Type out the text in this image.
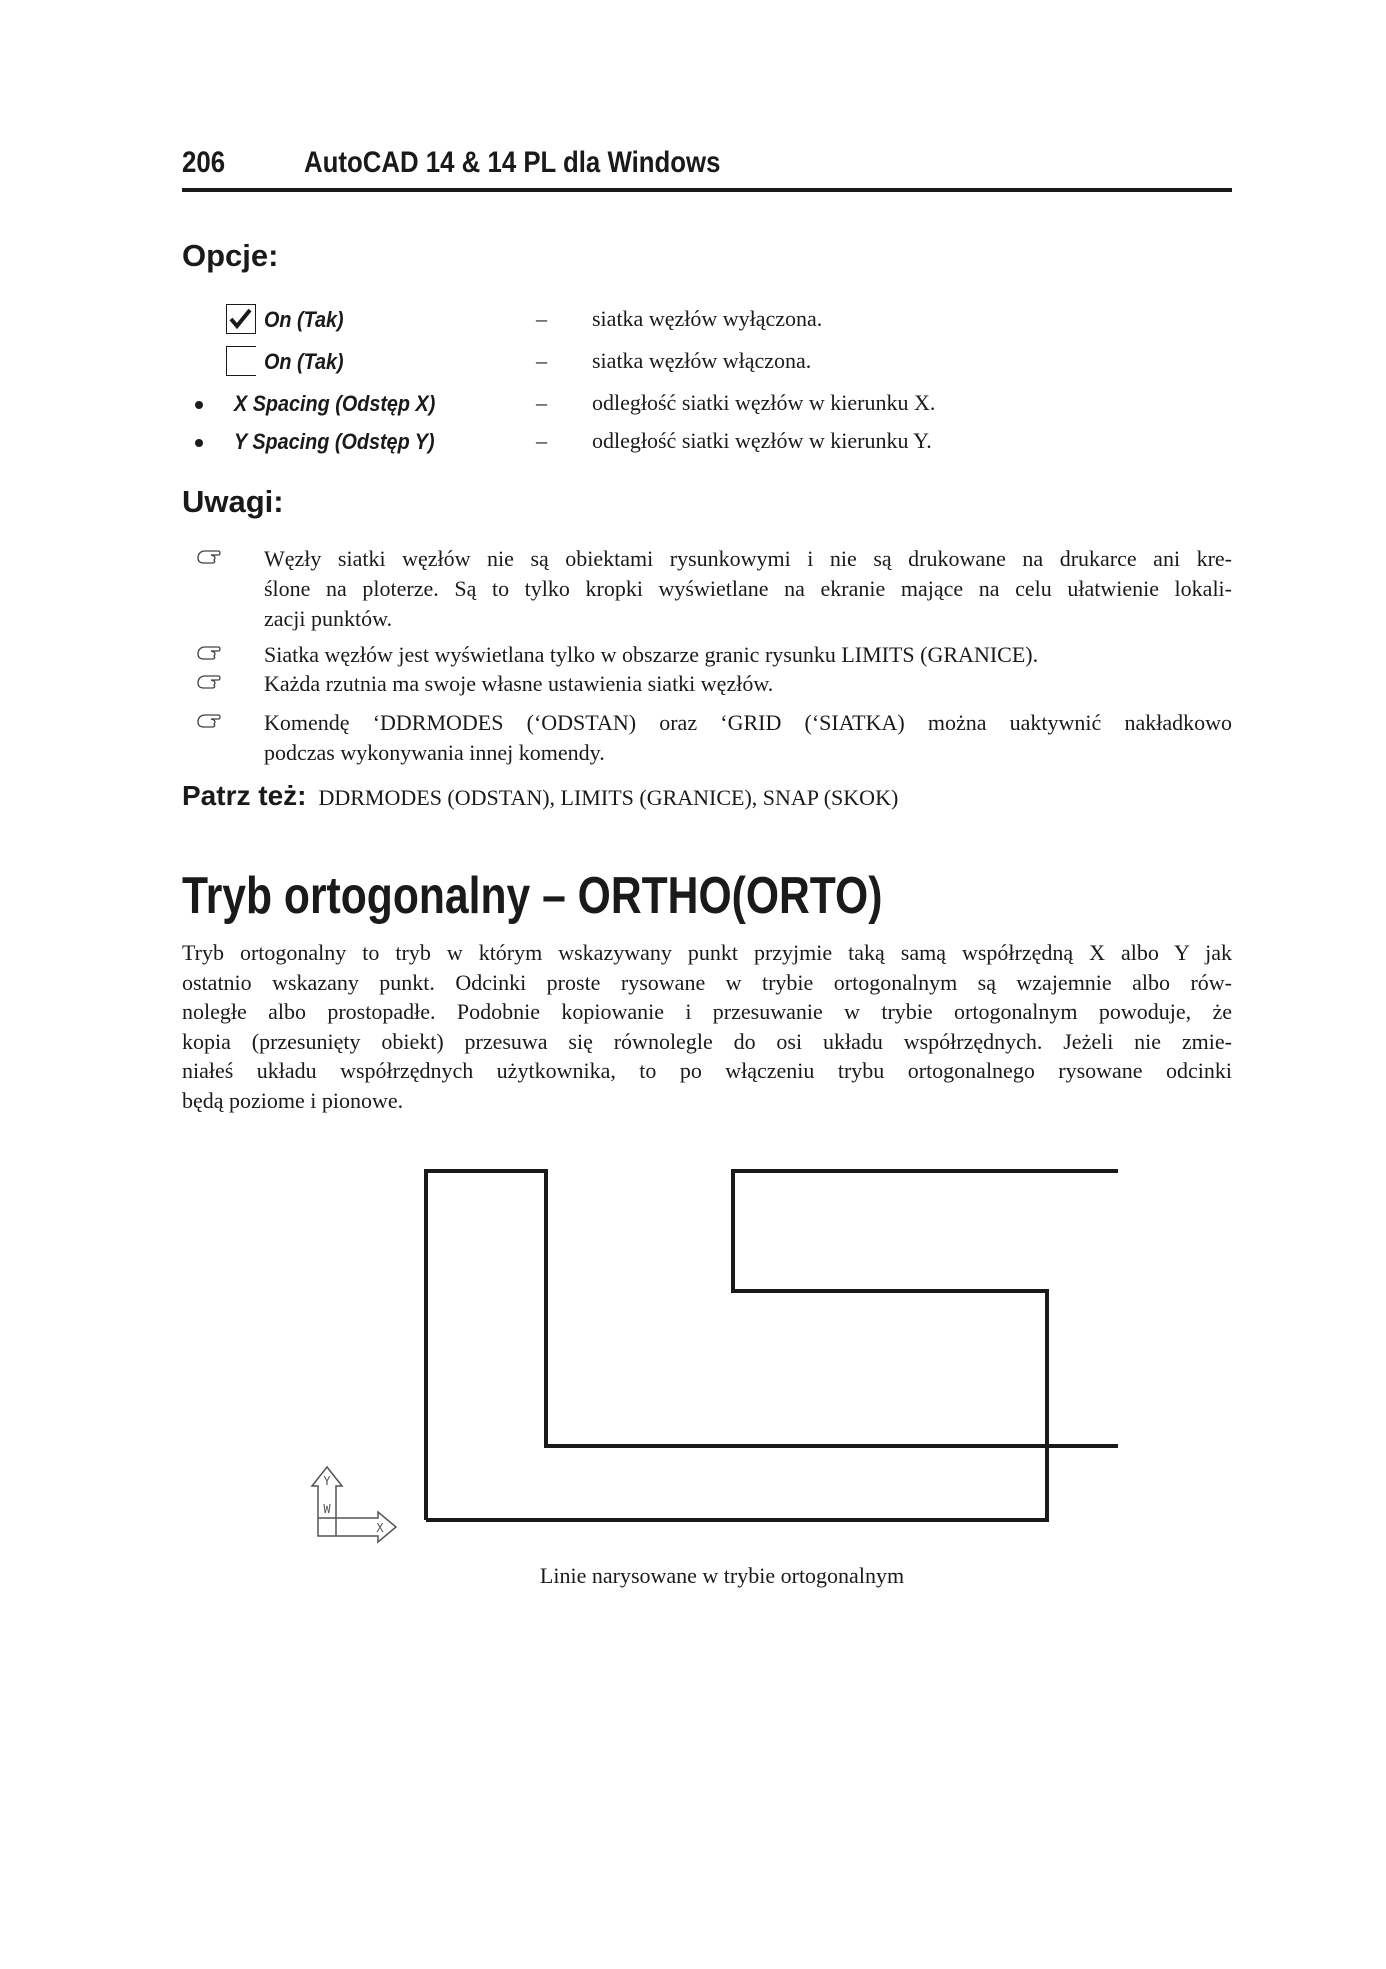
206	AutoCAD 14 & 14 PL dla Windows
Opcje:
On (Tak)	– siatka węzłów wyłączona.
On (Tak)	– siatka węzłów włączona.
X Spacing (Odstęp X)	– odległość siatki węzłów w kierunku X.
Y Spacing (Odstęp Y)	– odległość siatki węzłów w kierunku Y.
Uwagi:
Węzły siatki węzłów nie są obiektami rysunkowymi i nie są drukowane na drukarce ani kre-
ślone na ploterze. Są to tylko kropki wyświetlane na ekranie mające na celu ułatwienie lokali-
zacji punktów.
Siatka węzłów jest wyświetlana tylko w obszarze granic rysunku LIMITS (GRANICE).
Każda rzutnia ma swoje własne ustawienia siatki węzłów.
Komendę ‘DDRMODES (‘ODSTAN) oraz ‘GRID (‘SIATKA) można uaktywnić nakładkowo
podczas wykonywania innej komendy.
Patrz też: DDRMODES (ODSTAN), LIMITS (GRANICE), SNAP (SKOK)
Tryb ortogonalny – ORTHO(ORTO)
Tryb ortogonalny to tryb w którym wskazywany punkt przyjmie taką samą współrzędną X albo Y jak
ostatnio wskazany punkt. Odcinki proste rysowane w trybie ortogonalnym są wzajemnie albo rów-
noległe albo prostopadłe. Podobnie kopiowanie i przesuwanie w trybie ortogonalnym powoduje, że
kopia (przesunięty obiekt) przesuwa się równolegle do osi układu współrzędnych. Jeżeli nie zmie-
niałeś układu współrzędnych użytkownika, to po włączeniu trybu ortogonalnego rysowane odcinki
będą poziome i pionowe.
Y
W
X
Linie narysowane w trybie ortogonalnym
